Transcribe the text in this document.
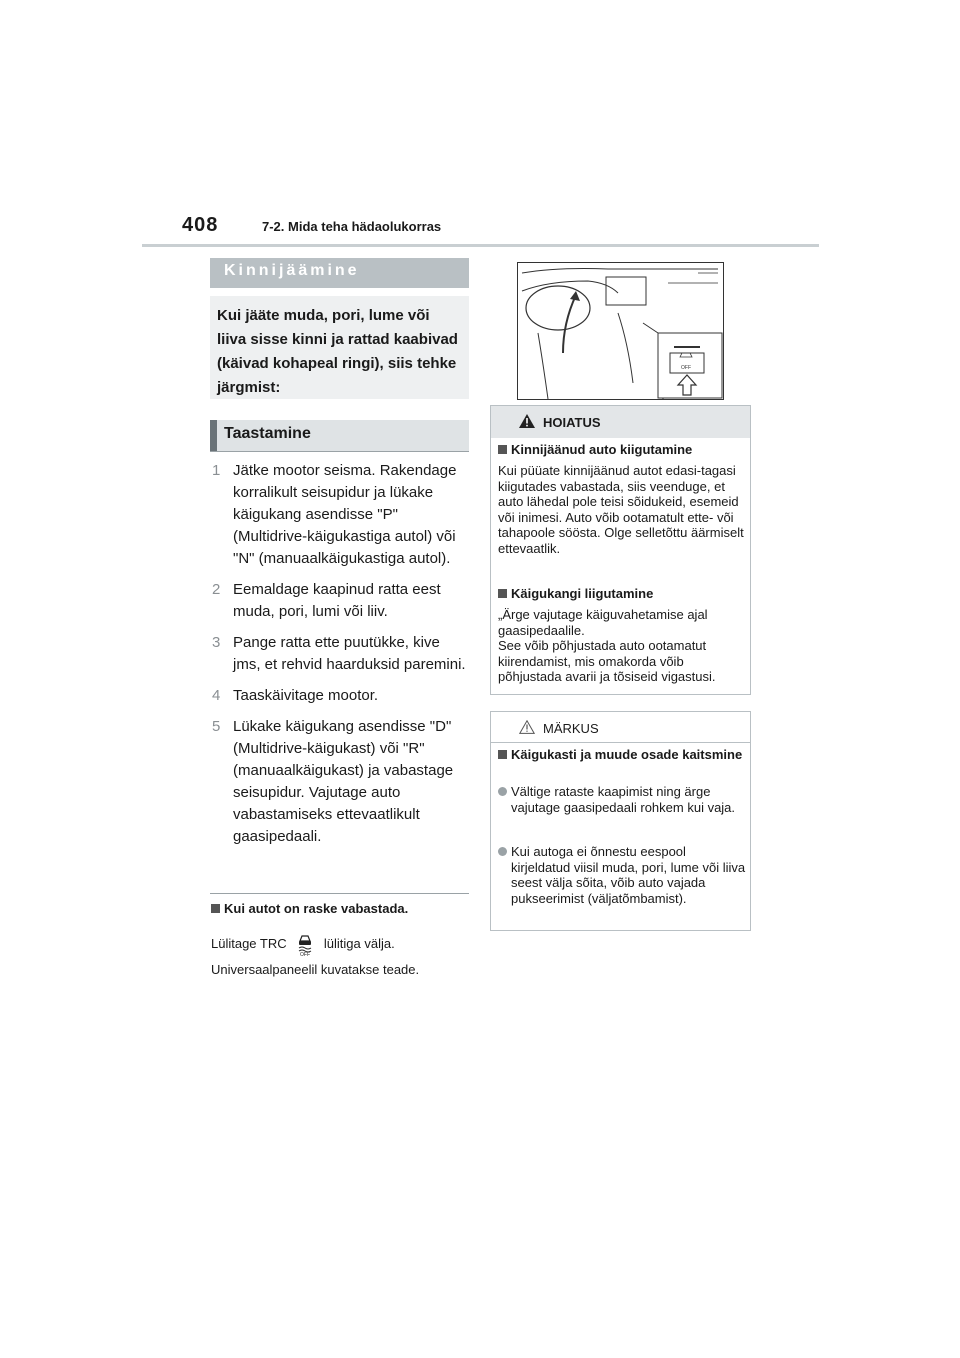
408	7-2. Mida teha hädaolukorras
Kinnijäämine
Kui jääte muda, pori, lume või liiva sisse kinni ja rattad kaabivad (käivad kohapeal ringi), siis tehke järgmist:
Taastamine
1 Jätke mootor seisma. Rakendage korralikult seisupidur ja lükake käigukang asendisse "P" (Multidrive-käigukastiga autol) või "N" (manuaalkäigukastiga autol).
2 Eemaldage kaapinud ratta eest muda, pori, lumi või liiv.
3 Pange ratta ette puutükke, kive jms, et rehvid haarduksid paremini.
4 Taaskäivitage mootor.
5 Lükake käigukang asendisse "D" (Multidrive-käigukast) või "R" (manuaalkäigukast) ja vabastage seisupidur. Vajutage auto vabastamiseks ettevaatlikult gaasipedaali.
Kui autot on raske vabastada.
Lülitage TRC
OFF
lülitiga välja.
Universaalpaneelil kuvatakse teade.
OFF
HOIATUS
Kinnijäänud auto kiigutamine
Kui püüate kinnijäänud autot edasi-tagasi kiigutades vabastada, siis veenduge, et auto lähedal pole teisi sõidukeid, esemeid või inimesi. Auto võib ootamatult ette- või tahapoole söösta. Olge selletõttu äärmiselt ettevaatlik.
Käigukangi liigutamine
„Ärge vajutage käiguvahetamise ajal gaasipedaalile.
See võib põhjustada auto ootamatut kiirendamist, mis omakorda võib põhjustada avarii ja tõsiseid vigastusi.
MÄRKUS
Käigukasti ja muude osade kaitsmine
Vältige rataste kaapimist ning ärge vajutage gaasipedaali rohkem kui vaja.
Kui autoga ei õnnestu eespool kirjeldatud viisil muda, pori, lume või liiva seest välja sõita, võib auto vajada pukseerimist (väljatõmbamist).
